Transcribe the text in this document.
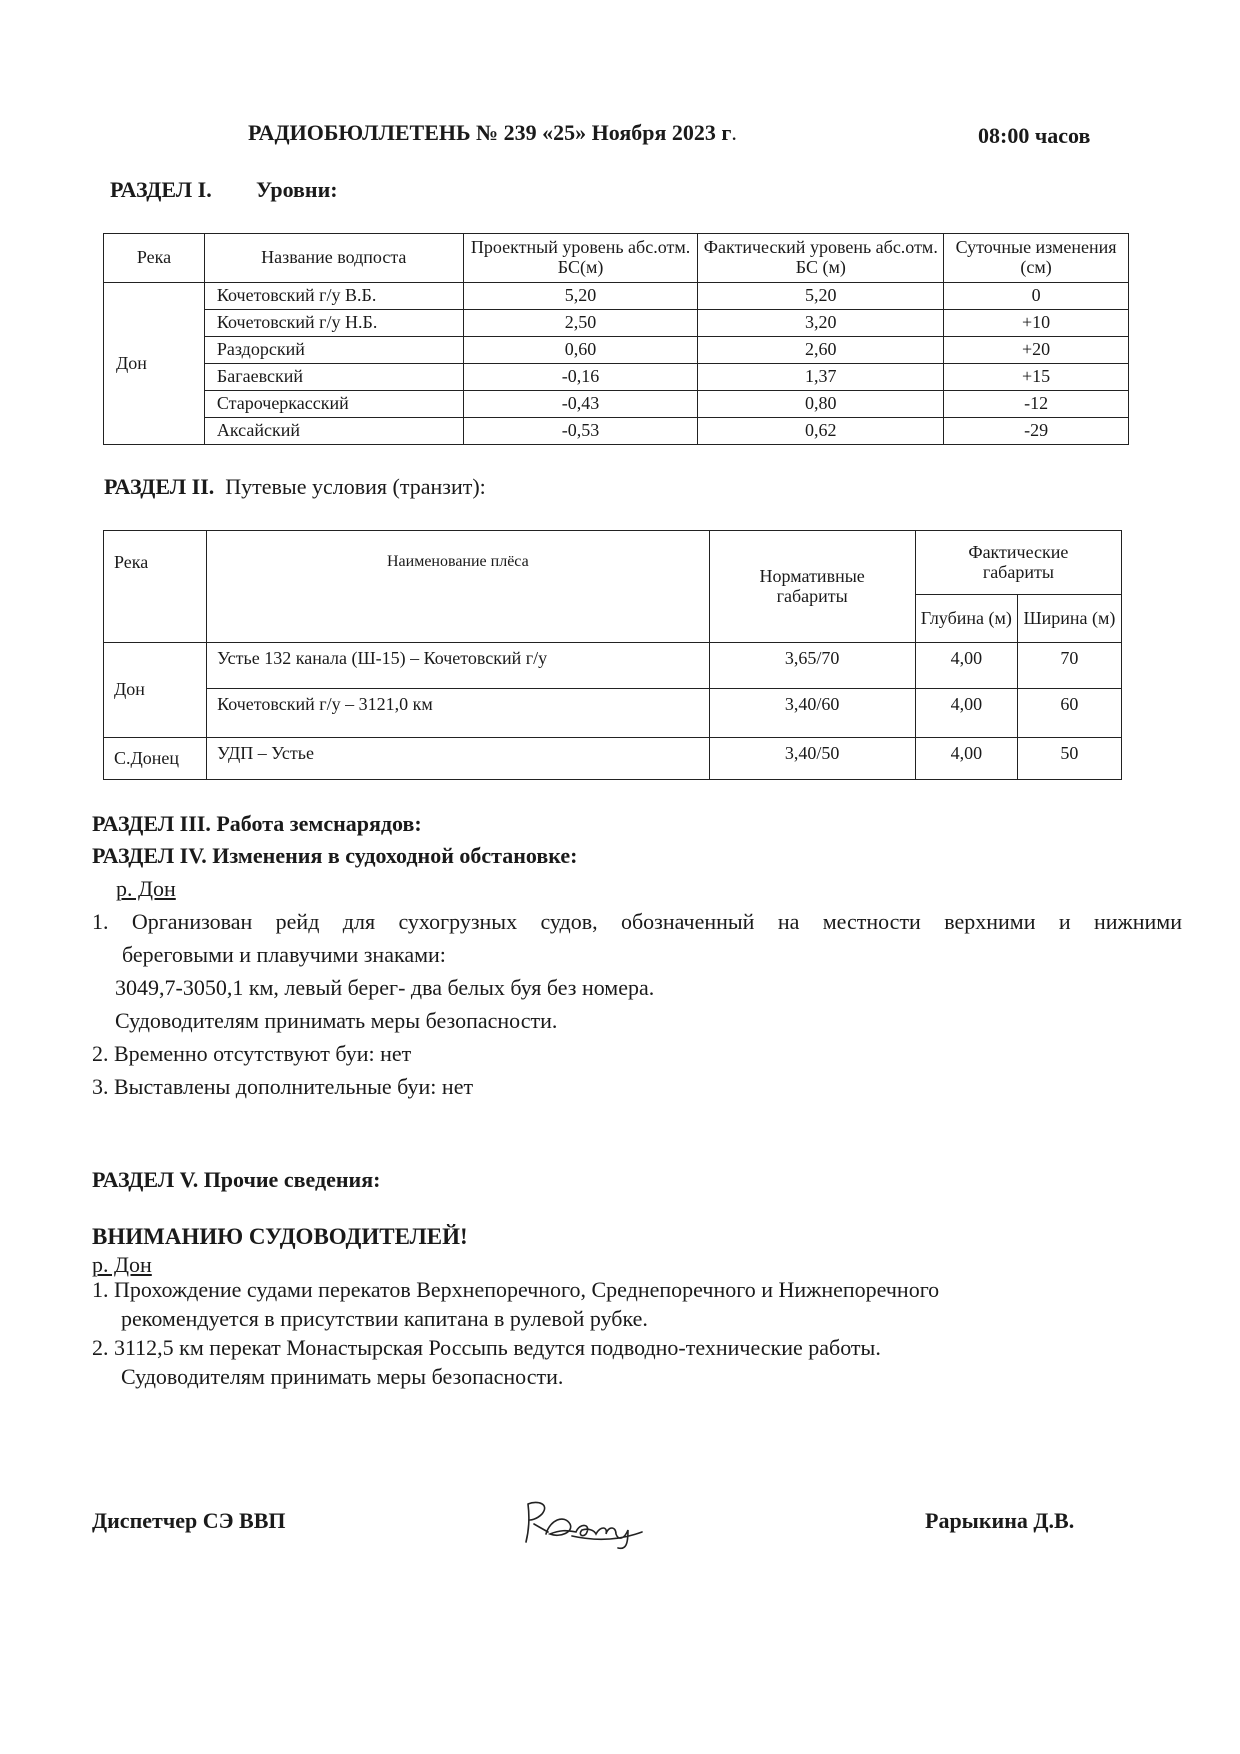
РАДИОБЮЛЛЕТЕНЬ № 239 «25» Ноября 2023 г.	08:00 часов
РАЗДЕЛ I. Уровни:
Река	Название водпоста	Проектный уровень абс.отм. БС(м)	Фактический уровень абс.отм. БС (м)	Суточные изменения (см)
Дон	Кочетовский г/у В.Б.	5,20	5,20	0
	Кочетовский г/у Н.Б.	2,50	3,20	+10
	Раздорский	0,60	2,60	+20
	Багаевский	-0,16	1,37	+15
	Старочеркасский	-0,43	0,80	-12
	Аксайский	-0,53	0,62	-29
РАЗДЕЛ II. Путевые условия (транзит):
Река	Наименование плёса	Нормативные габариты	Фактические габариты	
			Глубина (м)	Ширина (м)
Дон	Устье 132 канала (Ш-15) – Кочетовский г/у	3,65/70	4,00	70
	Кочетовский г/у – 3121,0 км	3,40/60	4,00	60
С.Донец	УДП – Устье	3,40/50	4,00	50
РАЗДЕЛ III. Работа земснарядов:
РАЗДЕЛ IV. Изменения в судоходной обстановке:
р. Дон
1. Организован рейд для сухогрузных судов, обозначенный на местности верхними и нижними
береговыми и плавучими знаками:
3049,7-3050,1 км, левый берег- два белых буя без номера.
Судоводителям принимать меры безопасности.
2. Временно отсутствуют буи: нет
3. Выставлены дополнительные буи: нет
РАЗДЕЛ V. Прочие сведения:
ВНИМАНИЮ СУДОВОДИТЕЛЕЙ!
р. Дон
1. Прохождение судами перекатов Верхнепоречного, Среднепоречного и Нижнепоречного
рекомендуется в присутствии капитана в рулевой рубке.
2. 3112,5 км перекат Монастырская Россыпь ведутся подводно-технические работы.
Судоводителям принимать меры безопасности.
Диспетчер СЭ ВВП	Рарыкина Д.В.
